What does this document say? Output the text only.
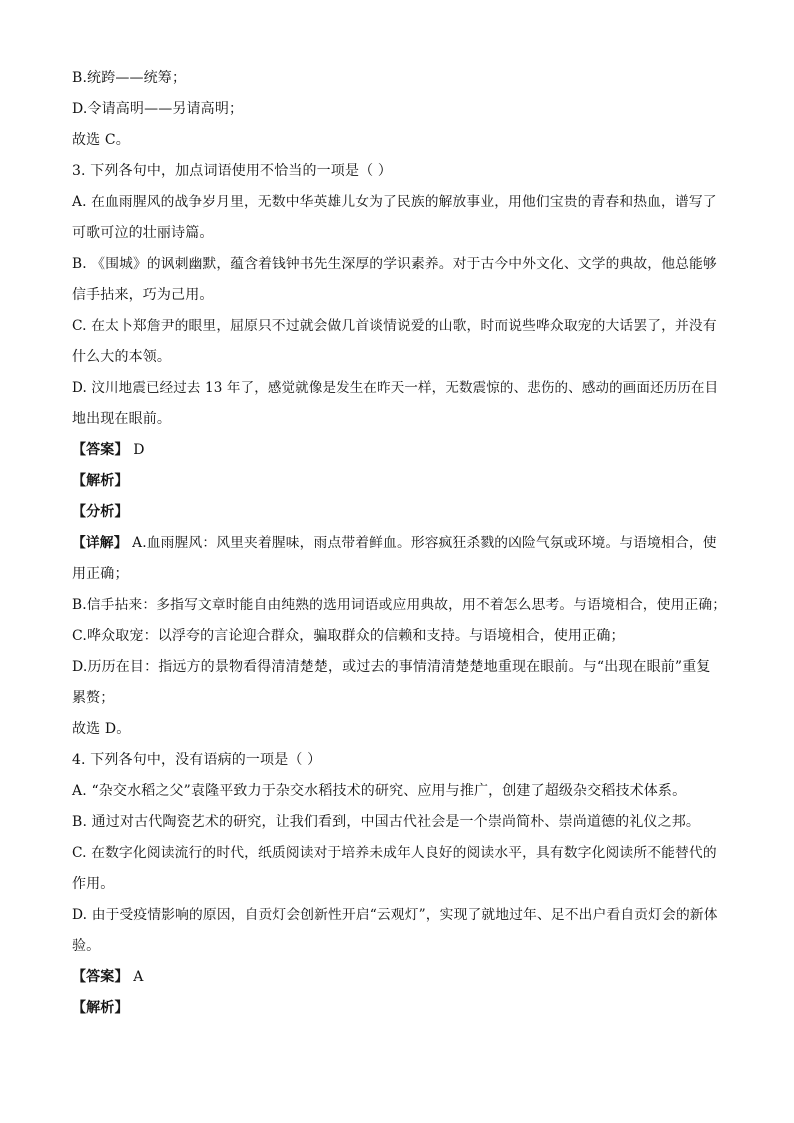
B.统跨——统筹；
D.令请高明——另请高明；
故选 C。
3. 下列各句中，加点词语使用不恰当的一项是（ ）
A. 在血雨腥风的战争岁月里，无数中华英雄儿女为了民族的解放事业，用他们宝贵的青春和热血，谱写了
可歌可泣的壮丽诗篇。
B. 《围城》的讽刺幽默，蕴含着钱钟书先生深厚的学识素养。对于古今中外文化、文学的典故，他总能够
信手拈来，巧为己用。
C. 在太卜郑詹尹的眼里，屈原只不过就会做几首谈情说爱的山歌，时而说些哗众取宠的大话罢了，并没有
什么大的本领。
D. 汶川地震已经过去 13 年了，感觉就像是发生在昨天一样，无数震惊的、悲伤的、感动的画面还历历在目
地出现在眼前。
【答案】 D
【解析】
【分析】
【详解】 A.血雨腥风：风里夹着腥味，雨点带着鲜血。形容疯狂杀戮的凶险气氛或环境。与语境相合，使
用正确；
B.信手拈来：多指写文章时能自由纯熟的选用词语或应用典故，用不着怎么思考。与语境相合，使用正确；
C.哗众取宠：以浮夸的言论迎合群众，骗取群众的信赖和支持。与语境相合，使用正确；
D.历历在目：指远方的景物看得清清楚楚，或过去的事情清清楚楚地重现在眼前。与“出现在眼前”重复
累赘；
故选 D。
4. 下列各句中，没有语病的一项是（ ）
A. “杂交水稻之父”袁隆平致力于杂交水稻技术的研究、应用与推广，创建了超级杂交稻技术体系。
B. 通过对古代陶瓷艺术的研究，让我们看到，中国古代社会是一个崇尚简朴、崇尚道德的礼仪之邦。
C. 在数字化阅读流行的时代，纸质阅读对于培养未成年人良好的阅读水平，具有数字化阅读所不能替代的
作用。
D. 由于受疫情影响的原因，自贡灯会创新性开启“云观灯”，实现了就地过年、足不出户看自贡灯会的新体
验。
【答案】 A
【解析】
